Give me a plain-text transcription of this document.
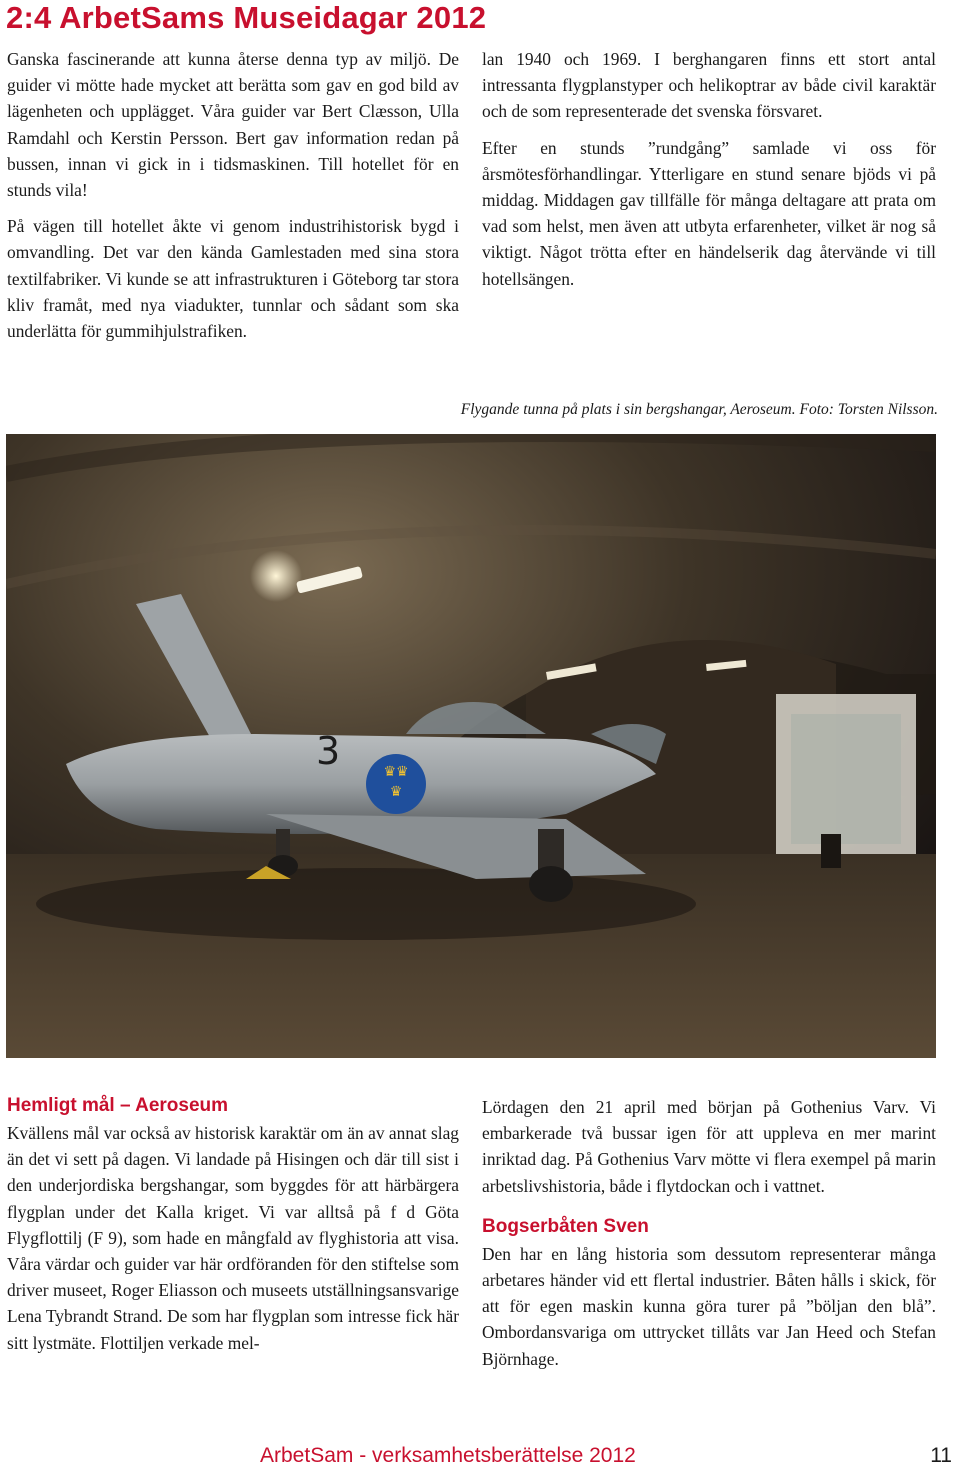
2:4 ArbetSams Museidagar 2012

Ganska fascinerande att kunna återse denna typ av miljö. De guider vi mötte hade mycket att berätta som gav en god bild av lägenheten och upplägget. Våra guider var Bert Clæsson, Ulla Ramdahl och Kerstin Persson. Bert gav information redan på bussen, innan vi gick in i tidsmaskinen. Till hotellet för en stunds vila!

På vägen till hotellet åkte vi genom industrihistorisk bygd i omvandling. Det var den kända Gamlestaden med sina stora textilfabriker. Vi kunde se att infrastrukturen i Göteborg tar stora kliv framåt, med nya viadukter, tunnlar och sådant som ska underlätta för gummihjulstrafiken.

lan 1940 och 1969. I berghangaren finns ett stort antal intressanta flygplanstyper och helikoptrar av både civil karaktär och de som representerade det svenska försvaret.

Efter en stunds ”rundgång” samlade vi oss för årsmötesförhandlingar. Ytterligare en stund senare bjöds vi på middag. Middagen gav tillfälle för många deltagare att prata om vad som helst, men även att utbyta erfarenheter, vilket är nog så viktigt. Något trötta efter en händelserik dag återvände vi till hotellsängen.

Flygande tunna på plats i sin bergshangar, Aeroseum. Foto: Torsten Nilsson.
♛♛
♛
3
Hemligt mål – Aeroseum

Kvällens mål var också av historisk karaktär om än av annat slag än det vi sett på dagen. Vi landade på Hisingen och där till sist i den underjordiska bergshangar, som byggdes för att härbärgera flygplan under det Kalla kriget. Vi var alltså på f d Göta Flygflottilj (F 9), som hade en mångfald av flyghistoria att visa. Våra värdar och guider var här ordföranden för den stiftelse som driver museet, Roger Eliasson och museets utställningsansvarige Lena Tybrandt Strand. De som har flygplan som intresse fick här sitt lystmäte. Flottiljen verkade mel-

Lördagen den 21 april med början på Gothenius Varv. Vi embarkerade två bussar igen för att uppleva en mer marint inriktad dag. På Gothenius Varv mötte vi flera exempel på marin arbetslivshistoria, både i flytdockan och i vattnet.

Bogserbåten Sven

Den har en lång historia som dessutom representerar många arbetares händer vid ett flertal industrier. Båten hålls i skick, för att för egen maskin kunna göra turer på ”böljan den blå”. Ombordansvariga om uttrycket tillåts var Jan Heed och Stefan Björnhage.

ArbetSam - verksamhetsberättelse 2012	11
